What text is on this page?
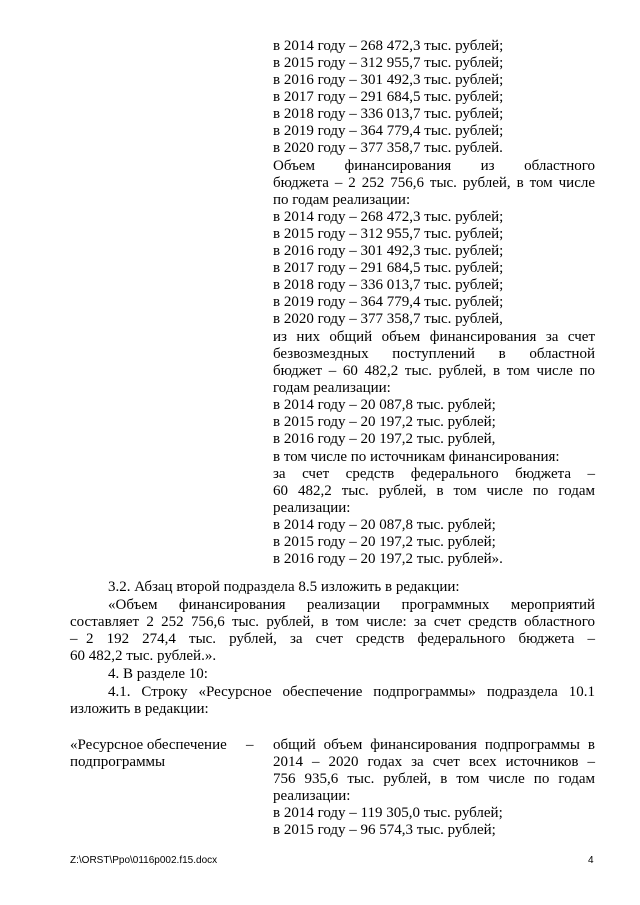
в 2014 году – 268 472,3 тыс. рублей;
в 2015 году – 312 955,7 тыс. рублей;
в 2016 году – 301 492,3 тыс. рублей;
в 2017 году – 291 684,5 тыс. рублей;
в 2018 году – 336 013,7 тыс. рублей;
в 2019 году – 364 779,4 тыс. рублей;
в 2020 году – 377 358,7 тыс. рублей.
Объем финансирования из областного
бюджета – 2 252 756,6 тыс. рублей, в том числе
по годам реализации:
в 2014 году – 268 472,3 тыс. рублей;
в 2015 году – 312 955,7 тыс. рублей;
в 2016 году – 301 492,3 тыс. рублей;
в 2017 году – 291 684,5 тыс. рублей;
в 2018 году – 336 013,7 тыс. рублей;
в 2019 году – 364 779,4 тыс. рублей;
в 2020 году – 377 358,7 тыс. рублей,
из них общий объем финансирования за счет
безвозмездных поступлений в областной
бюджет – 60 482,2 тыс. рублей, в том числе по
годам реализации:
в 2014 году – 20 087,8 тыс. рублей;
в 2015 году – 20 197,2 тыс. рублей;
в 2016 году – 20 197,2 тыс. рублей,
в том числе по источникам финансирования:
за счет средств федерального бюджета –
60 482,2 тыс. рублей, в том числе по годам
реализации:
в 2014 году – 20 087,8 тыс. рублей;
в 2015 году – 20 197,2 тыс. рублей;
в 2016 году – 20 197,2 тыс. рублей».
3.2. Абзац второй подраздела 8.5 изложить в редакции:
«Объем финансирования реализации программных мероприятий
составляет 2 252 756,6 тыс. рублей, в том числе: за счет средств областного
– 2 192 274,4 тыс. рублей, за счет средств федерального бюджета –
60 482,2 тыс. рублей.».
4. В разделе 10:
4.1. Строку «Ресурсное обеспечение подпрограммы» подраздела 10.1
изложить в редакции:
«Ресурсное обеспечение –
подпрограммы
общий объем финансирования подпрограммы в
2014 – 2020 годах за счет всех источников –
756 935,6 тыс. рублей, в том числе по годам
реализации:
в 2014 году – 119 305,0 тыс. рублей;
в 2015 году – 96 574,3 тыс. рублей;
Z:\ORST\Ppo\0116p002.f15.docx	4
